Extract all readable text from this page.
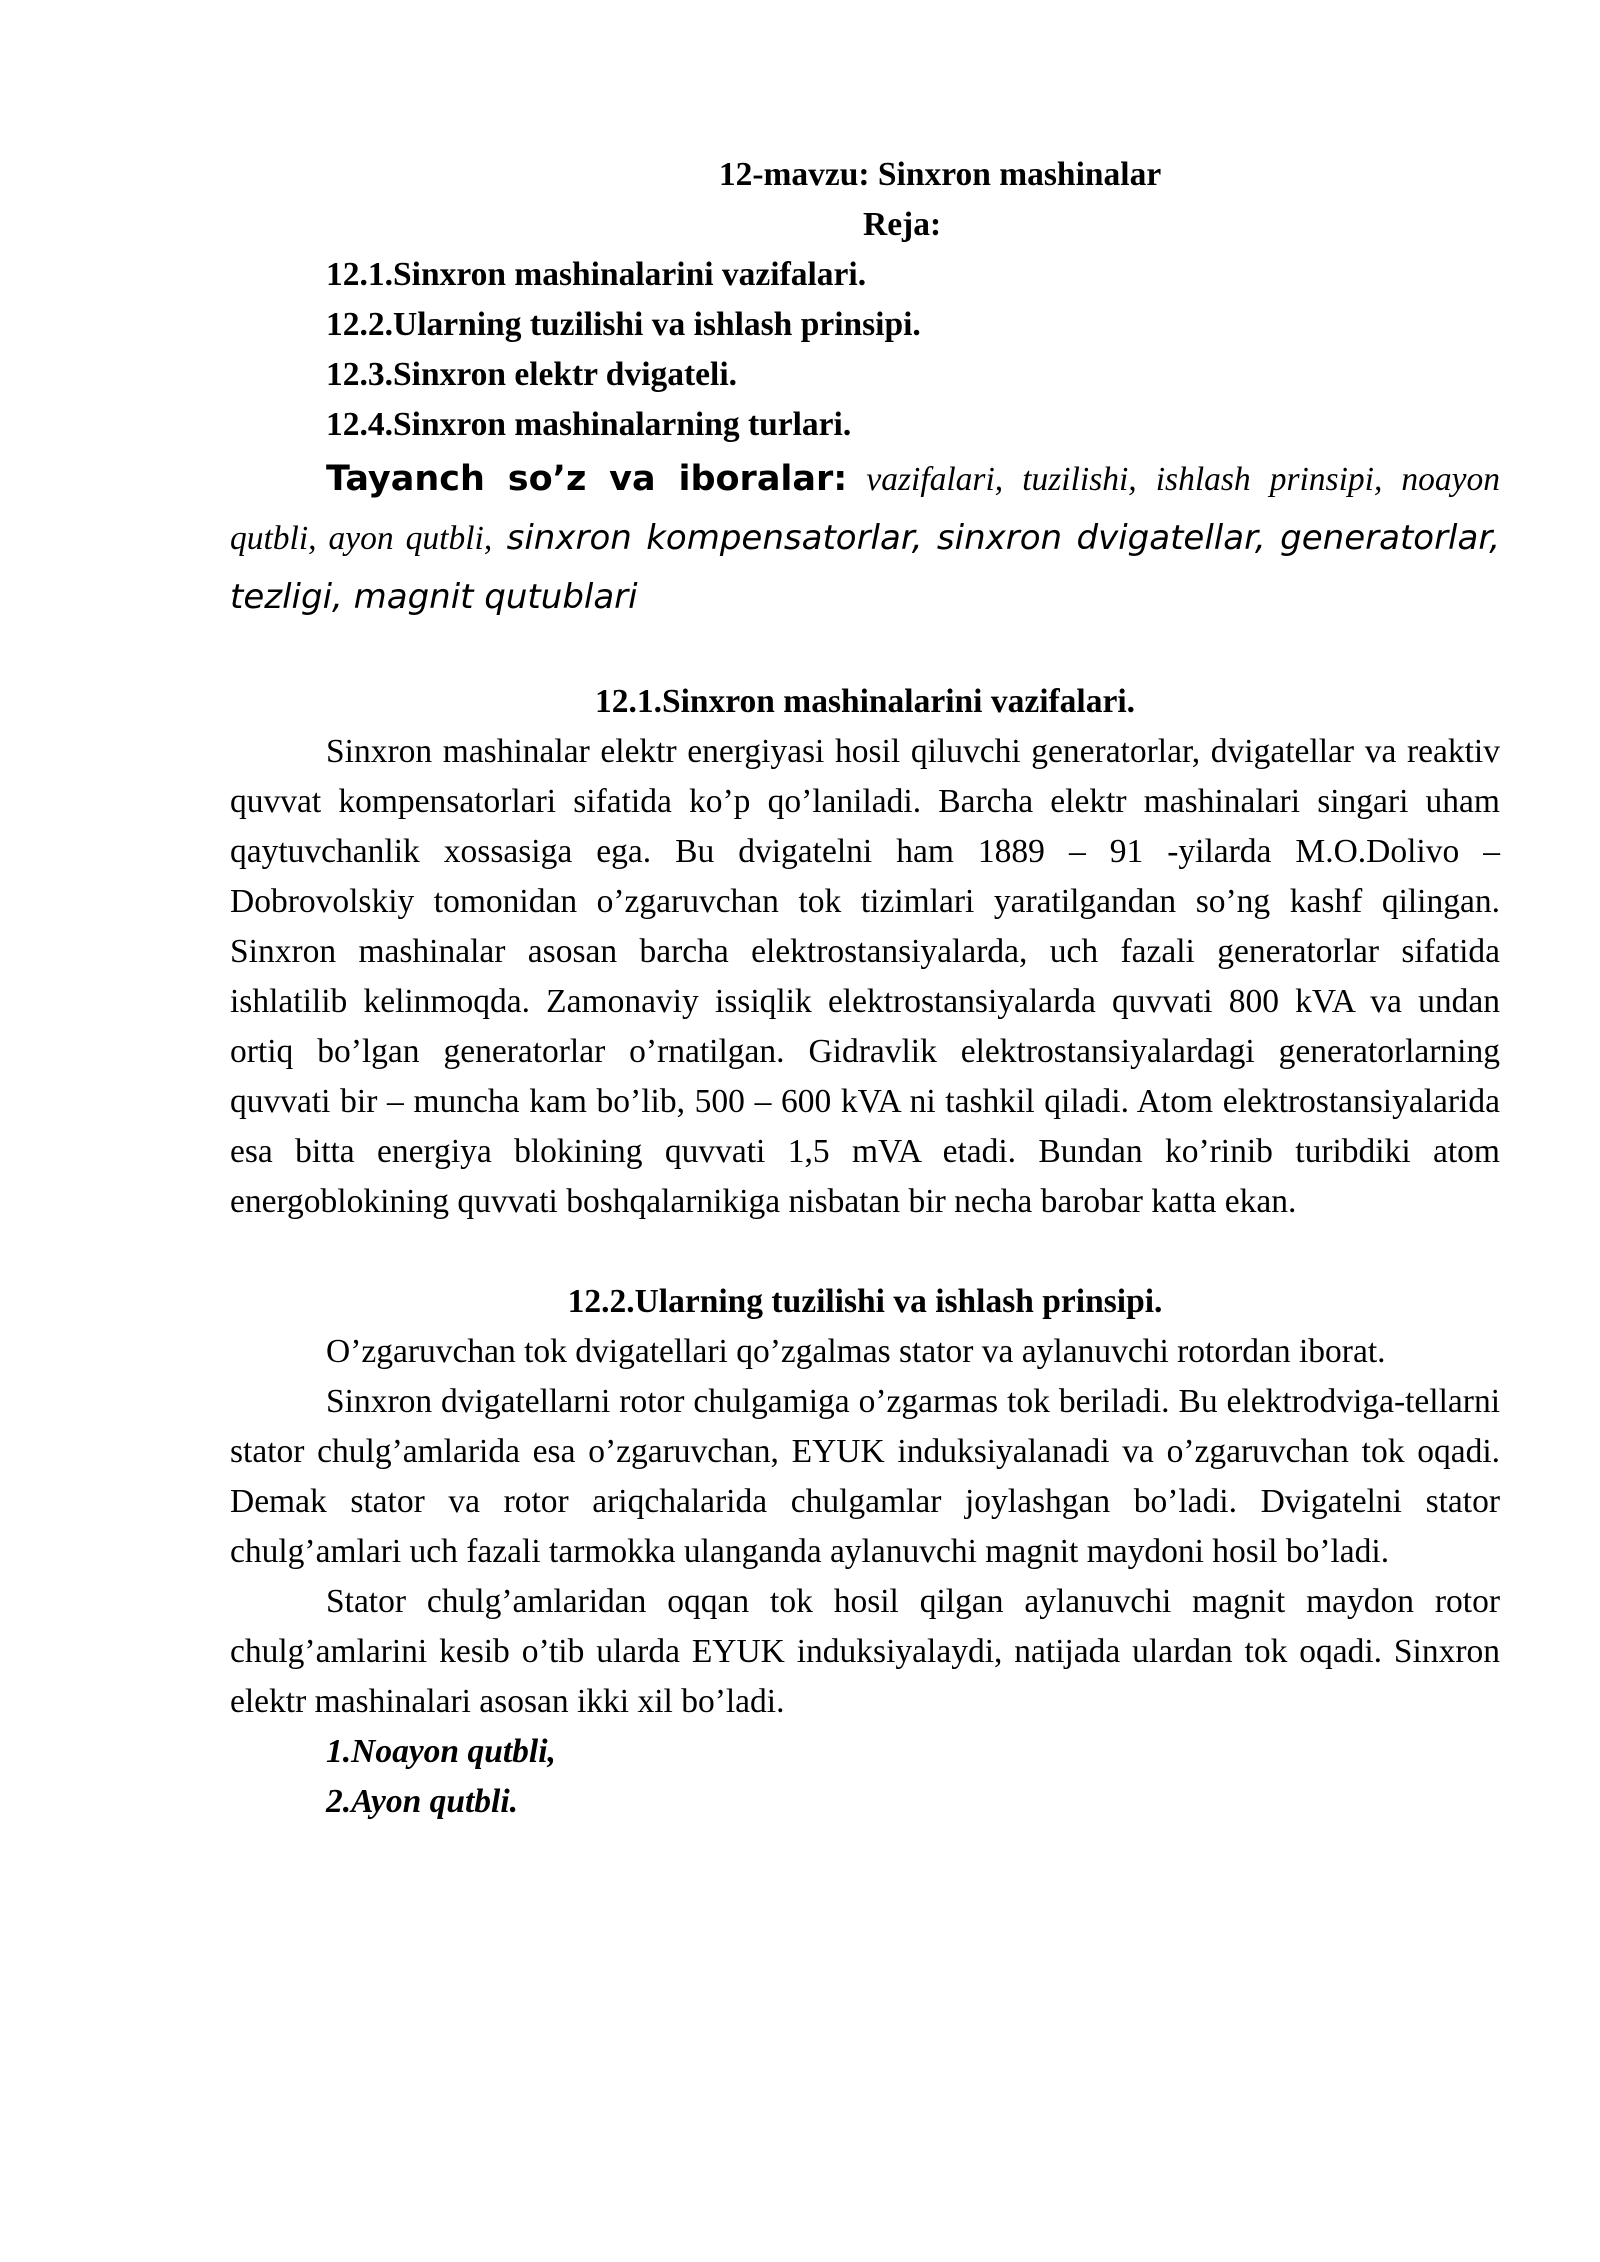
12-mavzu: Sinxron mashinalar
Reja:
12.1.Sinxron mashinalarini vazifalari.
12.2.Ularning tuzilishi va ishlash prinsipi.
12.3.Sinxron elektr dvigateli.
12.4.Sinxron mashinalarning turlari.
Tayanch so’z va iboralar: vazifalari, tuzilishi, ishlash prinsipi, noayon qutbli, ayon qutbli, sinxron kompensatorlar, sinxron dvigatellar, generatorlar, tezligi, magnit qutublari
12.1.Sinxron mashinalarini vazifalari.

Sinxron mashinalar elektr energiyasi hosil qiluvchi generatorlar, dvigatellar va reaktiv quvvat kompensatorlari sifatida ko’p qo’laniladi. Barcha elektr mashinalari singari uham qaytuvchanlik xossasiga ega. Bu dvigatelni ham 1889 – 91 -yilarda M.O.Dolivo – Dobrovolskiy tomonidan o’zgaruvchan tok tizimlari yaratilgandan so’ng kashf qilingan. Sinxron mashinalar asosan barcha elektrostansiyalarda, uch fazali generatorlar sifatida ishlatilib kelinmoqda. Zamonaviy issiqlik elektrostansiyalarda quvvati 800 kVA va undan ortiq bo’lgan generatorlar o’rnatilgan. Gidravlik elektrostansiyalardagi generatorlarning quvvati bir – muncha kam bo’lib, 500 – 600 kVA ni tashkil qiladi. Atom elektrostansiyalarida esa bitta energiya blokining quvvati 1,5 mVA etadi. Bundan ko’rinib turibdiki atom energoblokining quvvati boshqalarnikiga nisbatan bir necha barobar katta ekan.

12.2.Ularning tuzilishi va ishlash prinsipi.

O’zgaruvchan tok dvigatellari qo’zgalmas stator va aylanuvchi rotordan iborat.

Sinxron dvigatellarni rotor chulgamiga o’zgarmas tok beriladi. Bu elektrodviga-tellarni stator chulg’amlarida esa o’zgaruvchan, EYUK induksiyalanadi va o’zgaruvchan tok oqadi. Demak stator va rotor ariqchalarida chulgamlar joylashgan bo’ladi. Dvigatelni stator chulg’amlari uch fazali tarmokka ulanganda aylanuvchi magnit maydoni hosil bo’ladi.

Stator chulg’amlaridan oqqan tok hosil qilgan aylanuvchi magnit maydon rotor chulg’amlarini kesib o’tib ularda EYUK induksiyalaydi, natijada ulardan tok oqadi. Sinxron elektr mashinalari asosan ikki xil bo’ladi.

1.Noayon qutbli,
2.Ayon qutbli.
